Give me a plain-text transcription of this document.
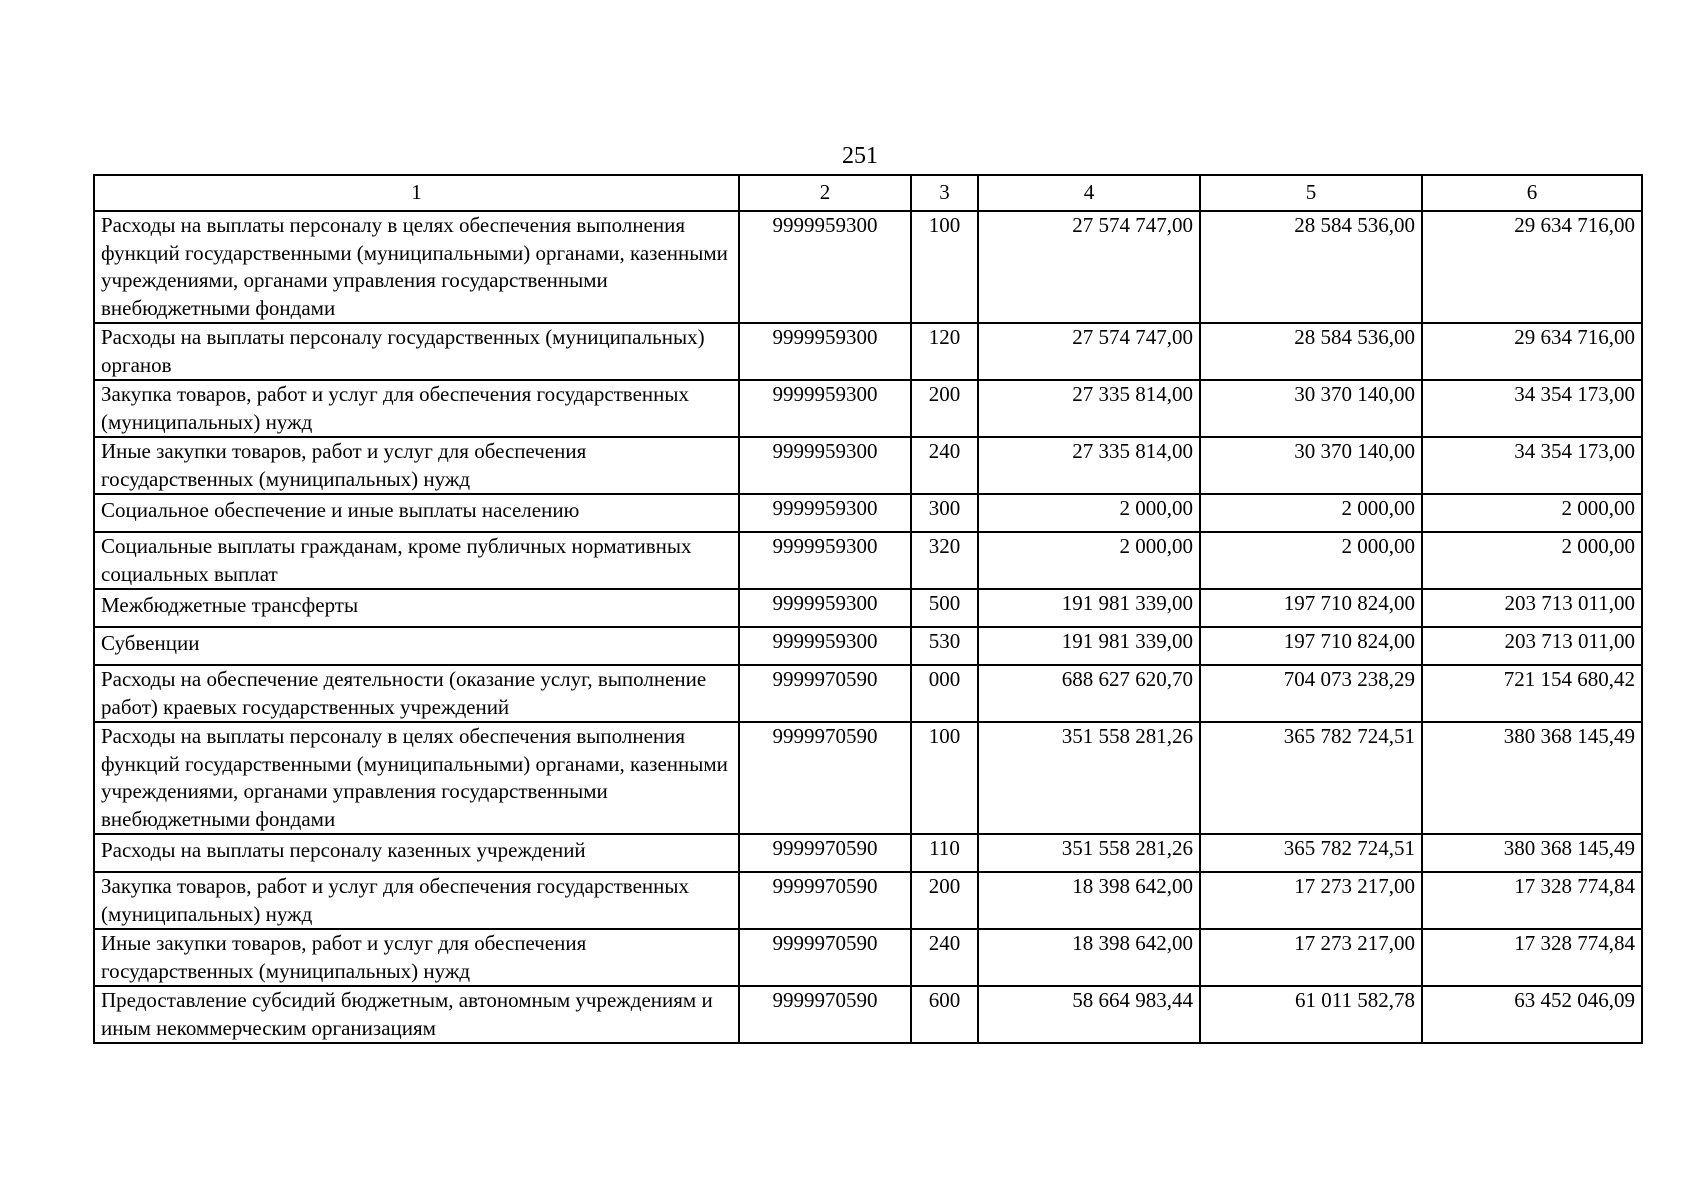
251
1	2	3	4	5	6
Расходы на выплаты персоналу в целях обеспечения выполнения функций государственными (муниципальными) органами, казенными учреждениями, органами управления государственными внебюджетными фондами	9999959300	100	27 574 747,00	28 584 536,00	29 634 716,00
Расходы на выплаты персоналу государственных (муниципальных) органов	9999959300	120	27 574 747,00	28 584 536,00	29 634 716,00
Закупка товаров, работ и услуг для обеспечения государственных (муниципальных) нужд	9999959300	200	27 335 814,00	30 370 140,00	34 354 173,00
Иные закупки товаров, работ и услуг для обеспечения государственных (муниципальных) нужд	9999959300	240	27 335 814,00	30 370 140,00	34 354 173,00
Социальное обеспечение и иные выплаты населению	9999959300	300	2 000,00	2 000,00	2 000,00
Социальные выплаты гражданам, кроме публичных нормативных социальных выплат	9999959300	320	2 000,00	2 000,00	2 000,00
Межбюджетные трансферты	9999959300	500	191 981 339,00	197 710 824,00	203 713 011,00
Субвенции	9999959300	530	191 981 339,00	197 710 824,00	203 713 011,00
Расходы на обеспечение деятельности (оказание услуг, выполнение работ) краевых государственных учреждений	9999970590	000	688 627 620,70	704 073 238,29	721 154 680,42
Расходы на выплаты персоналу в целях обеспечения выполнения функций государственными (муниципальными) органами, казенными учреждениями, органами управления государственными внебюджетными фондами	9999970590	100	351 558 281,26	365 782 724,51	380 368 145,49
Расходы на выплаты персоналу казенных учреждений	9999970590	110	351 558 281,26	365 782 724,51	380 368 145,49
Закупка товаров, работ и услуг для обеспечения государственных (муниципальных) нужд	9999970590	200	18 398 642,00	17 273 217,00	17 328 774,84
Иные закупки товаров, работ и услуг для обеспечения государственных (муниципальных) нужд	9999970590	240	18 398 642,00	17 273 217,00	17 328 774,84
Предоставление субсидий бюджетным, автономным учреждениям и иным некоммерческим организациям	9999970590	600	58 664 983,44	61 011 582,78	63 452 046,09
